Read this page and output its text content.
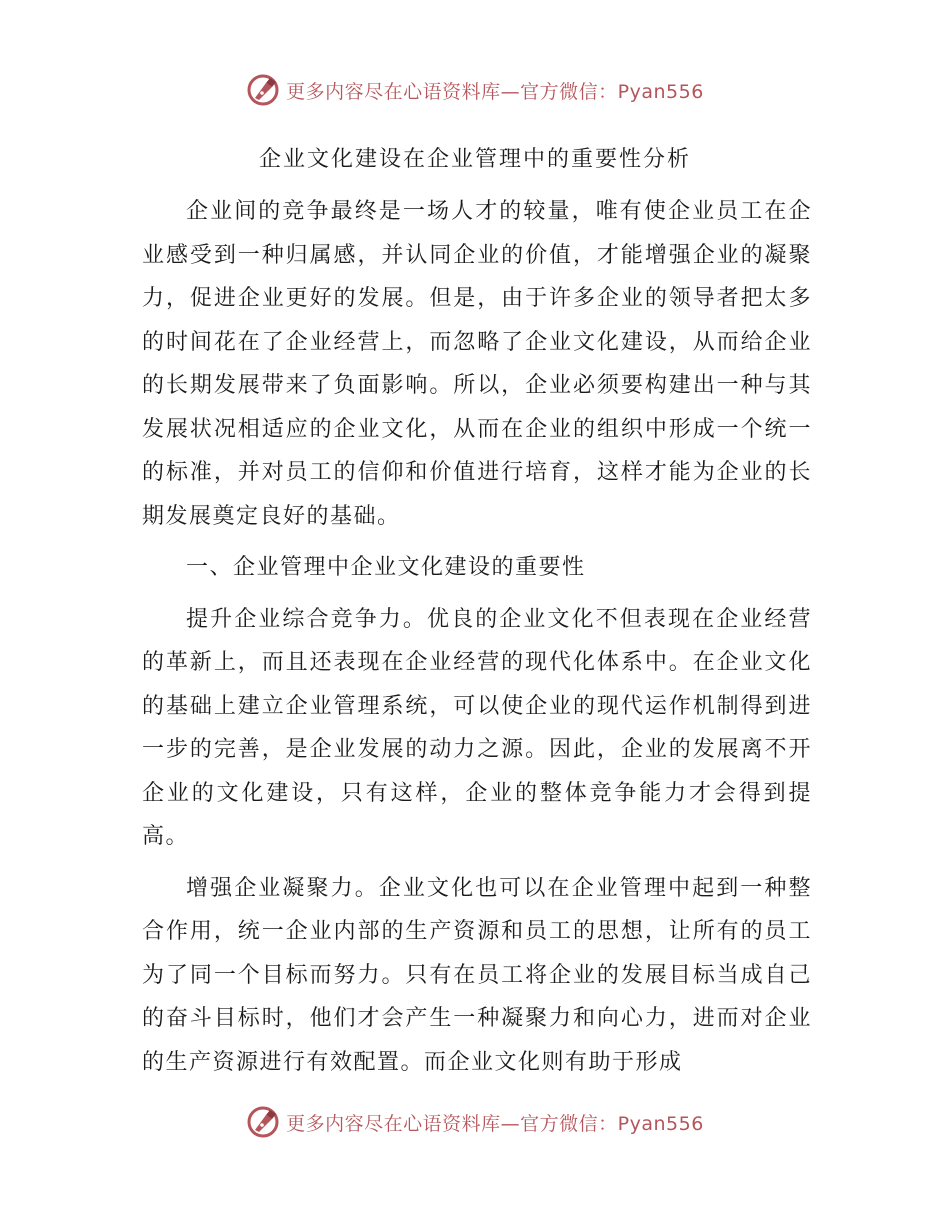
更多内容尽在心语资料库—官方微信：Pyan556
企业文化建设在企业管理中的重要性分析

企业间的竞争最终是一场人才的较量，唯有使企业员工在企业感受到一种归属感，并认同企业的价值，才能增强企业的凝聚力，促进企业更好的发展。但是，由于许多企业的领导者把太多的时间花在了企业经营上，而忽略了企业文化建设，从而给企业的长期发展带来了负面影响。所以，企业必须要构建出一种与其发展状况相适应的企业文化，从而在企业的组织中形成一个统一的标准，并对员工的信仰和价值进行培育，这样才能为企业的长期发展奠定良好的基础。

一、企业管理中企业文化建设的重要性

提升企业综合竞争力。优良的企业文化不但表现在企业经营的革新上，而且还表现在企业经营的现代化体系中。在企业文化的基础上建立企业管理系统，可以使企业的现代运作机制得到进一步的完善，是企业发展的动力之源。因此，企业的发展离不开企业的文化建设，只有这样，企业的整体竞争能力才会得到提高。

增强企业凝聚力。企业文化也可以在企业管理中起到一种整合作用，统一企业内部的生产资源和员工的思想，让所有的员工为了同一个目标而努力。只有在员工将企业的发展目标当成自己的奋斗目标时，他们才会产生一种凝聚力和向心力，进而对企业的生产资源进行有效配置。而企业文化则有助于形成

更多内容尽在心语资料库—官方微信：Pyan556
